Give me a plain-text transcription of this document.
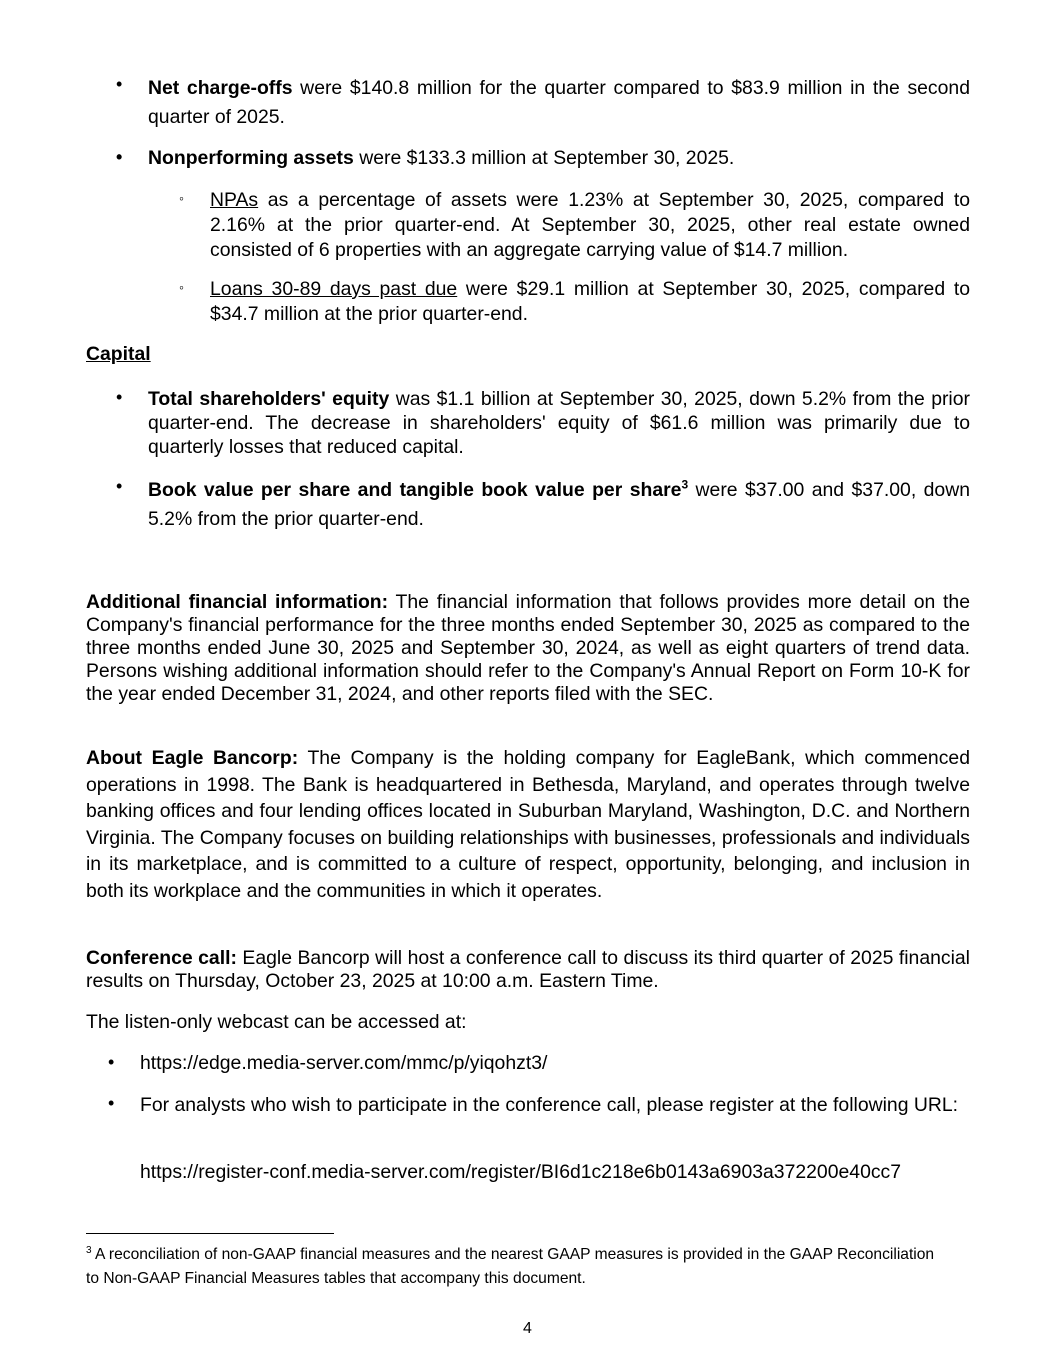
• Net charge-offs were $140.8 million for the quarter compared to $83.9 million in the second quarter of 2025.
• Nonperforming assets were $133.3 million at September 30, 2025.
◦ NPAs as a percentage of assets were 1.23% at September 30, 2025, compared to 2.16% at the prior quarter-end. At September 30, 2025, other real estate owned consisted of 6 properties with an aggregate carrying value of $14.7 million.
◦ Loans 30-89 days past due were $29.1 million at September 30, 2025, compared to $34.7 million at the prior quarter-end.
Capital
• Total shareholders' equity was $1.1 billion at September 30, 2025, down 5.2% from the prior quarter-end. The decrease in shareholders' equity of $61.6 million was primarily due to quarterly losses that reduced capital.
• Book value per share and tangible book value per share$^3$ were $37.00 and $37.00, down 5.2% from the prior quarter-end.
Additional financial information: The financial information that follows provides more detail on the Company's financial performance for the three months ended September 30, 2025 as compared to the three months ended June 30, 2025 and September 30, 2024, as well as eight quarters of trend data. Persons wishing additional information should refer to the Company's Annual Report on Form 10-K for the year ended December 31, 2024, and other reports filed with the SEC.
About Eagle Bancorp: The Company is the holding company for EagleBank, which commenced operations in 1998. The Bank is headquartered in Bethesda, Maryland, and operates through twelve banking offices and four lending offices located in Suburban Maryland, Washington, D.C. and Northern Virginia. The Company focuses on building relationships with businesses, professionals and individuals in its marketplace, and is committed to a culture of respect, opportunity, belonging, and inclusion in both its workplace and the communities in which it operates.
Conference call: Eagle Bancorp will host a conference call to discuss its third quarter of 2025 financial results on Thursday, October 23, 2025 at 10:00 a.m. Eastern Time.
The listen-only webcast can be accessed at:
• https://edge.media-server.com/mmc/p/yiqohzt3/
• For analysts who wish to participate in the conference call, please register at the following URL:
https://register-conf.media-server.com/register/BI6d1c218e6b0143a6903a372200e40cc7
$^3$ A reconciliation of non-GAAP financial measures and the nearest GAAP measures is provided in the GAAP Reconciliation to Non-GAAP Financial Measures tables that accompany this document.
4
